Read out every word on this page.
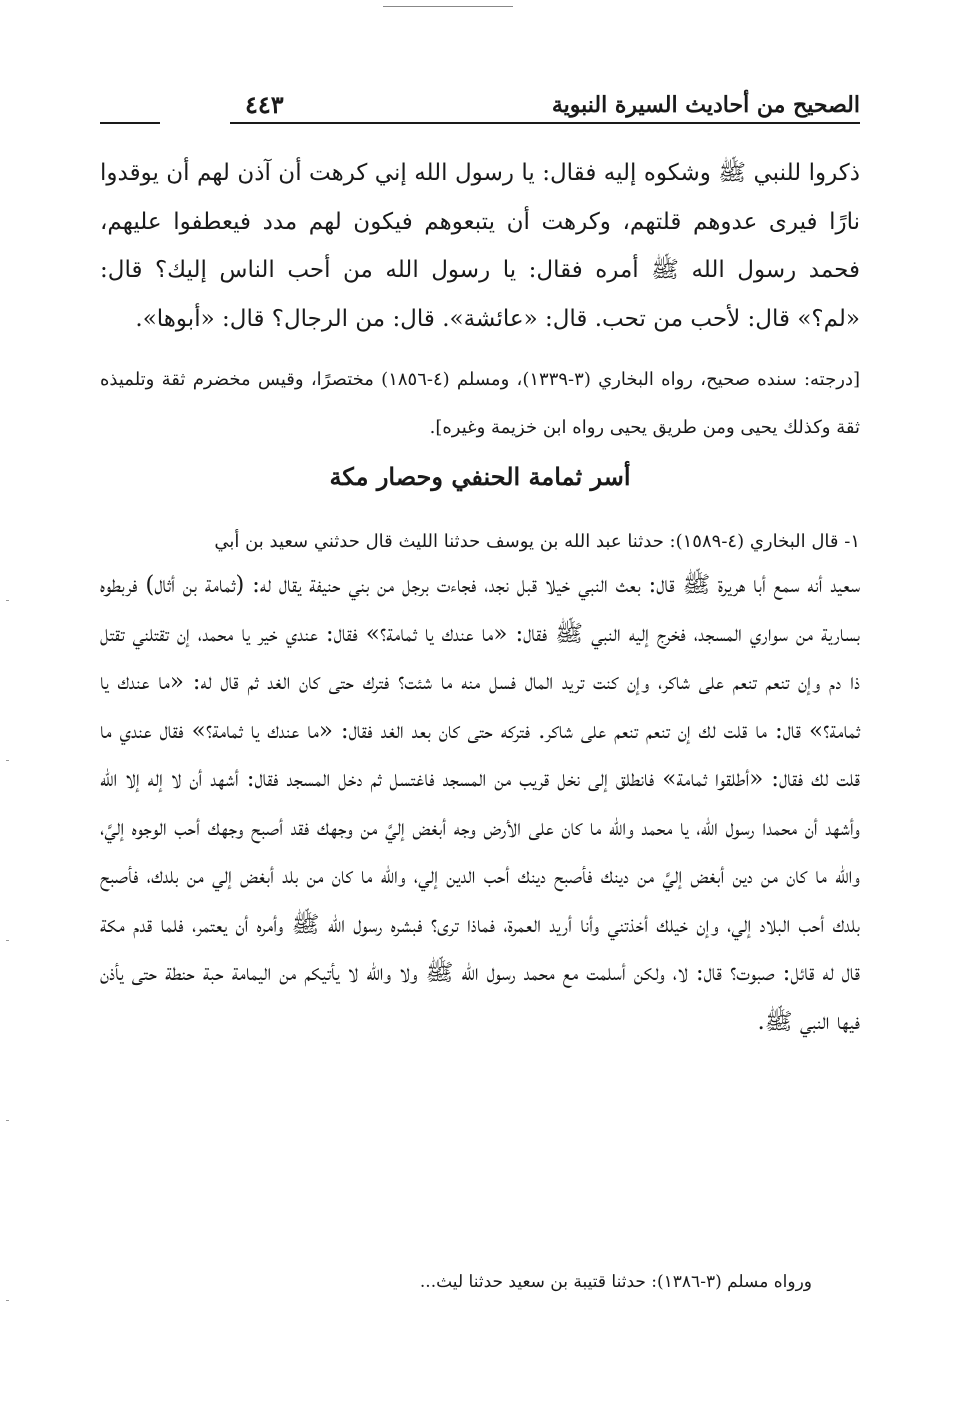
الصحيح من أحاديث السيرة النبوية
٤٤٣

ذكروا للنبي ﷺ وشكوه إليه فقال: يا رسول الله إني كرهت أن آذن لهم أن يوقدوا نارًا فيرى عدوهم قلتهم، وكرهت أن يتبعوهم فيكون لهم مدد فيعطفوا عليهم، فحمد رسول الله ﷺ أمره فقال: يا رسول الله من أحب الناس إليك؟ قال: «لم؟» قال: لأحب من تحب. قال: «عائشة». قال: من الرجال؟ قال: «أبوها».

[درجته: سنده صحيح، رواه البخاري (٣-١٣٣٩)، ومسلم (٤-١٨٥٦) مختصرًا، وقيس مخضرم ثقة وتلميذه ثقة وكذلك يحيى ومن طريق يحيى رواه ابن خزيمة وغيره].

أسر ثمامة الحنفي وحصار مكة

١- قال البخاري (٤-١٥٨٩): حدثنا عبد الله بن يوسف حدثنا الليث قال حدثني سعيد بن أبي

سعيد أنه سمع أبا هريرة ﷺ قال: بعث النبي خيلا قبل نجد، فجاءت برجل من بني حنيفة يقال له: (ثمامة بن أثال) فربطوه بسارية من سواري المسجد، فخرج إليه النبي ﷺ فقال: «ما عندك يا ثمامة؟» فقال: عندي خير يا محمد، إن تقتلني تقتل ذا دم وإن تنعم تنعم على شاكر، وإن كنت تريد المال فسل منه ما شئت؟ فترك حتى كان الغد ثم قال له: «ما عندك يا ثمامة؟» قال: ما قلت لك إن تنعم تنعم على شاكر. فتركه حتى كان بعد الغد فقال: «ما عندك يا ثمامة؟» فقال عندي ما قلت لك فقال: «أطلقوا ثمامة» فانطلق إلى نخل قريب من المسجد فاغتسل ثم دخل المسجد فقال: أشهد أن لا إله إلا الله وأشهد أن محمدا رسول الله، يا محمد والله ما كان على الأرض وجه أبغض إليَّ من وجهك فقد أصبح وجهك أحب الوجوه إليَّ، والله ما كان من دين أبغض إليَّ من دينك فأصبح دينك أحب الدين إلي، والله ما كان من بلد أبغض إلي من بلدك، فأصبح بلدك أحب البلاد إلي، وإن خيلك أخذتني وأنا أريد العمرة، فماذا ترى؟ فبشره رسول الله ﷺ وأمره أن يعتمر، فلما قدم مكة قال له قائل: صبوت؟ قال: لا، ولكن أسلمت مع محمد رسول الله ﷺ ولا والله لا يأتيكم من اليمامة حبة حنطة حتى يأذن فيها النبي ﷺ.

ورواه مسلم (٣-١٣٨٦): حدثنا قتيبة بن سعيد حدثنا ليث...
